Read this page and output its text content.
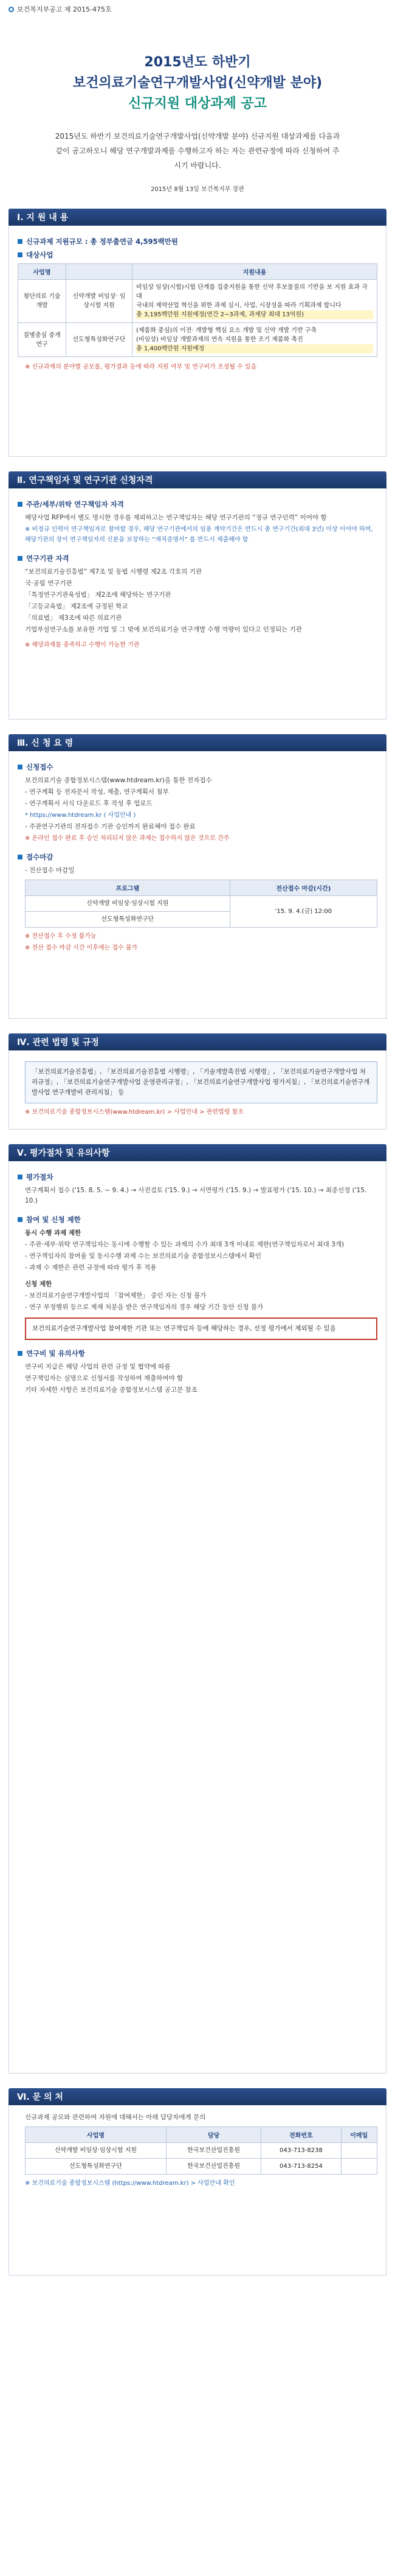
보건복지부공고 제 2015-475호

2015년도 하반기

보건의료기술연구개발사업(신약개발 분야)

신규지원 대상과제 공고

2015년도 하반기 보건의료기술연구개발사업(신약개발 분야) 신규지원 대상과제를 다음과 같이 공고하오니 해당 연구개발과제를 수행하고자 하는 자는 관련규정에 따라 신청하여 주시기 바랍니다.

2015년 8월 13일 보건복지부 장관
Ⅰ. 지 원 내 용
신규과제 지원규모 : 총 정부출연금 4,595백만원
대상사업
사업명		지원내용
첨단의료 기술개발	신약개발 비임상· 임상시험 지원	비임상 임상(시험)시험 단계를 집중지원을 통한 신약 후보물질의 기반을 보 지원 효과 극대
국내의 제약산업 혁신을 위한 과제 실시, 사업, 시장성을 따라 기획과제 합니다
총 3,195백만원 지원예정(연간 2~3과제, 과제당 최대 13억원)

질병중심 중개연구	선도형특성화연구단	(제품화 중심)의 이전· 개발형 핵심 요소 개발 및 신약 개발 기반 구축
(비임상) 비임상 개발과제의 연속 지원을 통한 조기 제품화 촉진
총 1,400백만원 지원예정

※ 신규과제의 분야별 공모를, 평가결과 등에 따라 지원 여부 및 연구비가 조정될 수 있음

Ⅱ. 연구책임자 및 연구기관 신청자격
주관/세부/위탁 연구책임자 자격

해당사업 RFP에서 별도 명시한 경우를 제외하고는 연구책임자는 해당 연구기관의 “정규 연구인력” 이어야 함

※ 비정규 인력이 연구책임자로 참여할 경우, 해당 연구기관에서의 임용 계약기간은 반드시 총 연구기간(최대 3년) 이상 이어야 하며, 해당기관의 장이 연구책임자의 신분을 보장하는 “재직증명서” 를 반드시 제출해야 함

연구기관 자격

“보건의료기술진흥법” 제7조 및 동법 시행령 제2조 각호의 기관

국·공립 연구기관

「특정연구기관육성법」 제2조에 해당하는 연구기관

「고등교육법」 제2조에 규정된 학교

「의료법」 제3조에 따른 의료기관

기업부설연구소를 보유한 기업 및 그 밖에 보건의료기술 연구개발 수행 역량이 있다고 인정되는 기관

※ 해당과제를 충족하고 수행이 가능한 기관

Ⅲ. 신 청 요 령
신청접수

보건의료기술 종합정보시스템(www.htdream.kr)을 통한 전자접수

- 연구계획 등 전자문서 작성, 제출, 연구계획서 첨부

- 연구계획서 서식 다운로드 후 작성 후 업로드

* https://www.htdream.kr ( 사업안내 )

- 주관연구기관의 전자접수 기관 승인까지 완료해야 접수 완료

※ 온라인 접수 완료 후 승인 처리되지 않은 과제는 접수하지 않은 것으로 간주

접수마감

- 전산접수 마감일

프로그램	전산접수 마감(시간)
신약개발 비임상·임상시험 지원	'15. 9. 4.(금) 12:00
선도형특성화연구단	

※ 전산접수 후 수정 불가능

※ 전산 접수 마감 시간 이후에는 접수 불가

Ⅳ. 관련 법령 및 규정
「보건의료기술진흥법」, 「보건의료기술진흥법 시행령」, 「기술개발촉진법 시행령」, 「보건의료기술연구개발사업 처리규정」, 「보건의료기술연구개발사업 운영관리규정」, 「보건의료기술연구개발사업 평가지침」, 「보건의료기술연구개발사업 연구개발비 관리지침」 등

※ 보건의료기술 종합정보시스템(www.htdream.kr) > 사업안내 > 관련법령 참조

Ⅴ. 평가절차 및 유의사항
평가절차

연구계획서 접수 ('15. 8. 5. ~ 9. 4.) → 사전검토 ('15. 9.) → 서면평가 ('15. 9.) → 발표평가 ('15. 10.) → 최종선정 ('15. 10.)

참여 및 신청 제한

동시 수행 과제 제한

- 주관·세부·위탁 연구책임자는 동시에 수행할 수 있는 과제의 수가 최대 3개 이내로 제한(연구책임자로서 최대 3개)

- 연구책임자의 참여율 및 동시수행 과제 수는 보건의료기술 종합정보시스템에서 확인

- 과제 수 제한은 관련 규정에 따라 평가 후 적용

신청 제한

- 보건의료기술연구개발사업의 「참여제한」 중인 자는 신청 불가

- 연구 부정행위 등으로 제재 처분을 받은 연구책임자의 경우 해당 기간 동안 신청 불가

보건의료기술연구개발사업 참여제한 기관 또는 연구책임자 등에 해당하는 경우, 선정 평가에서 제외될 수 있음
연구비 및 유의사항

연구비 지급은 해당 사업의 관련 규정 및 협약에 따름

연구책임자는 실명으로 신청서를 작성하여 제출하여야 함

기타 자세한 사항은 보건의료기술 종합정보시스템 공고문 참조

Ⅵ. 문 의 처

신규과제 공모와 관련하여 자원에 대해서는 아래 담당자에게 문의

사업명	담당	전화번호	이메일
신약개발 비임상·임상시험 지원	한국보건산업진흥원	043-713-8238	
선도형특성화연구단	한국보건산업진흥원	043-713-8254	

※ 보건의료기술 종합정보시스템 (https://www.htdream.kr) > 사업안내 확인
